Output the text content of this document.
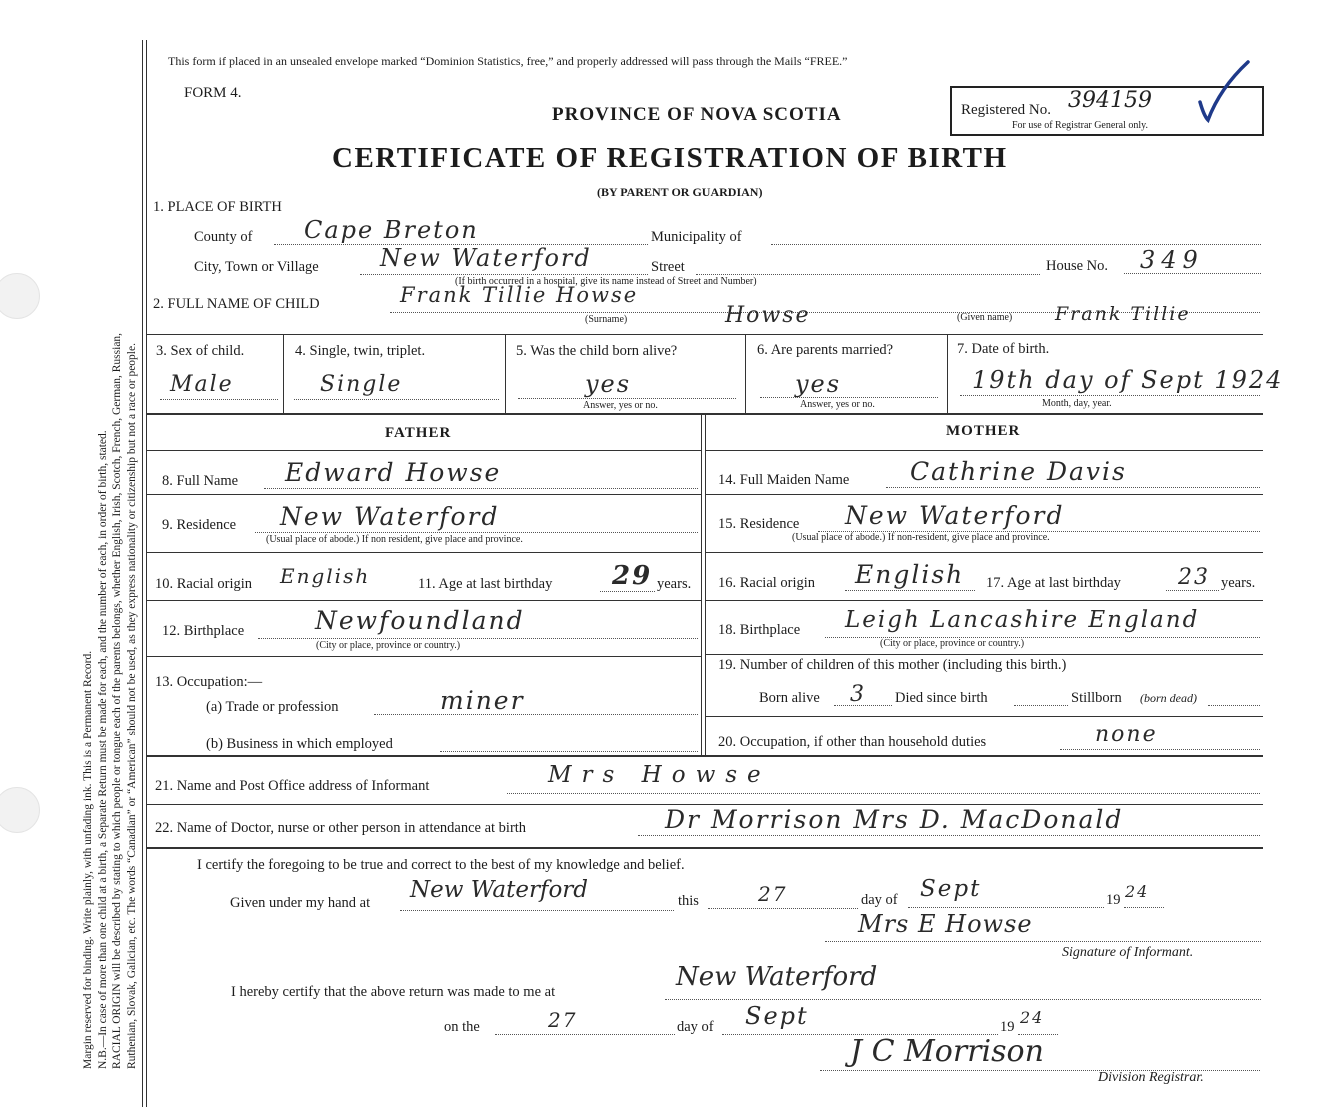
Margin reserved for binding. Write plainly, with unfading ink. This is a Permanent Record. N.B.—In case of more than one child at a birth, a Separate Return must be made for each, and the number of each, in order of birth, stated. RACIAL ORIGIN will be described by stating to which people or tongue each of the parents belongs, whether English, Irish, Scotch, French, German, Russian, Ruthenian, Slovak, Galician, etc. The words “Canadian” or “American” should not be used, as they express nationality or citizenship but not a race or people.
This form if placed in an unsealed envelope marked “Dominion Statistics, free,” and properly addressed will pass through the Mails “FREE.”
FORM 4.
PROVINCE OF NOVA SCOTIA	Registered No. 394159
For use of Registrar General only.
CERTIFICATE OF REGISTRATION OF BIRTH
(BY PARENT OR GUARDIAN)
1. PLACE OF BIRTH
County of Cape Breton	Municipality of
City, Town or Village	New Waterford	Street
(If birth occurred in a hospital, give its name instead of Street and Number)
House No. 349
2. FULL NAME OF CHILD	Frank Tillie Howse
(Surname)	Howse	(Given name) Frank Tillie
3. Sex of child.
Male
4. Single, twin, triplet.
Single
5. Was the child born alive?
yes
Answer, yes or no.
6. Are parents married?
yes
Answer, yes or no.
7. Date of birth.
19th day of Sept 1924
Month, day, year.
FATHER	MOTHER
8. Full Name Edward Howse
9. Residence New Waterford
(Usual place of abode.) If non resident, give place and province.
10. Racial origin English	11. Age at last birthday 29 years.
12. Birthplace	Newfoundland
(City or place, province or country.)
13. Occupation:—
(a) Trade or profession	miner
(b) Business in which employed
14. Full Maiden Name Cathrine Davis
15. Residence New Waterford
(Usual place of abode.) If non-resident, give place and province.
16. Racial origin English 17. Age at last birthday	23 years.
18. Birthplace Leigh Lancashire England
(City or place, province or country.)
19. Number of children of this mother (including this birth.)
Born alive 3 Died since birth	Stillborn (born dead)
20. Occupation, if other than household duties	none
21. Name and Post Office address of Informant	Mrs Howse
22. Name of Doctor, nurse or other person in attendance at birth	Dr Morrison Mrs D. MacDonald
I certify the foregoing to be true and correct to the best of my knowledge and belief.
Given under my hand at New Waterford	this	27	day of Sept	19 24
Mrs E Howse
Signature of Informant.
I hereby certify that the above return was made to me at	New Waterford
on the	27	day of Sept	19 24
J C Morrison
Division Registrar.
